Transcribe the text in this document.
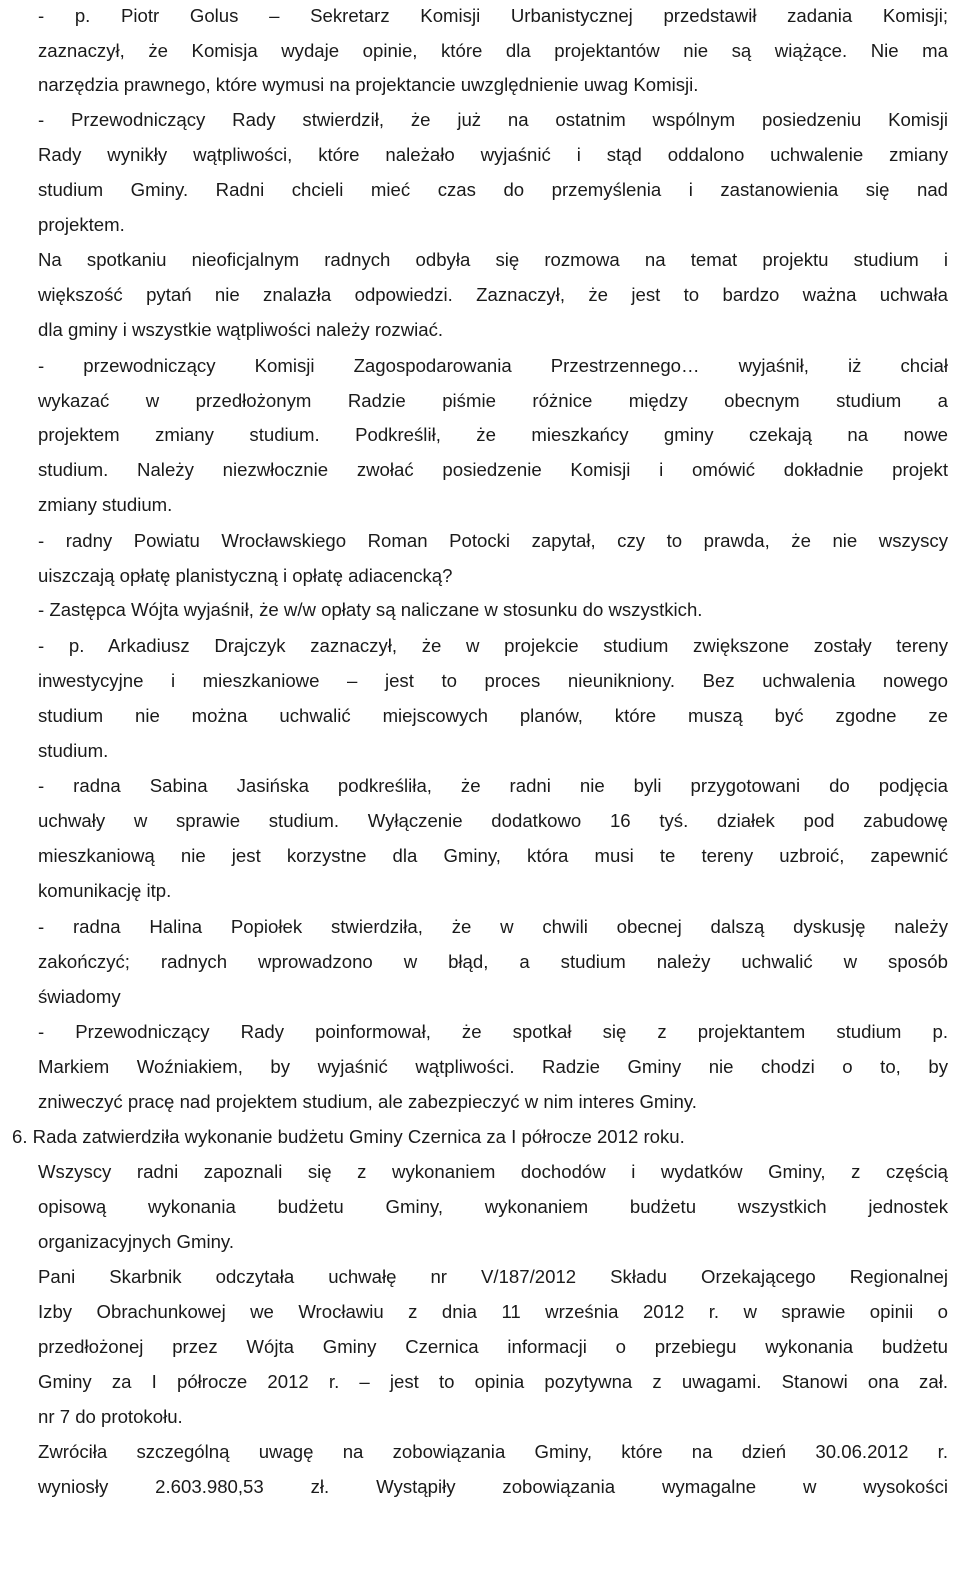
- p. Piotr Golus – Sekretarz Komisji Urbanistycznej przedstawił zadania Komisji;
zaznaczył, że Komisja wydaje opinie, które dla projektantów nie są wiążące. Nie ma
narzędzia prawnego, które wymusi na projektancie uwzględnienie uwag Komisji.
- Przewodniczący Rady stwierdził, że już na ostatnim wspólnym posiedzeniu Komisji
Rady wynikły wątpliwości, które należało wyjaśnić i stąd oddalono uchwalenie zmiany
studium Gminy. Radni chcieli mieć czas do przemyślenia i zastanowienia się nad
projektem.
Na spotkaniu nieoficjalnym radnych odbyła się rozmowa na temat projektu studium i
większość pytań nie znalazła odpowiedzi. Zaznaczył, że jest to bardzo ważna uchwała
dla gminy i wszystkie wątpliwości należy rozwiać.
- przewodniczący Komisji Zagospodarowania Przestrzennego… wyjaśnił, iż chciał
wykazać w przedłożonym Radzie piśmie różnice między obecnym studium a
projektem zmiany studium. Podkreślił, że mieszkańcy gminy czekają na nowe
studium. Należy niezwłocznie zwołać posiedzenie Komisji i omówić dokładnie projekt
zmiany studium.
- radny Powiatu Wrocławskiego Roman Potocki zapytał, czy to prawda, że nie wszyscy
uiszczają opłatę planistyczną i opłatę adiacencką?
- Zastępca Wójta wyjaśnił, że w/w opłaty są naliczane w stosunku do wszystkich.
- p. Arkadiusz Drajczyk zaznaczył, że w projekcie studium zwiększone zostały tereny
inwestycyjne i mieszkaniowe – jest to proces nieunikniony. Bez uchwalenia nowego
studium nie można uchwalić miejscowych planów, które muszą być zgodne ze
studium.
- radna Sabina Jasińska podkreśliła, że radni nie byli przygotowani do podjęcia
uchwały w sprawie studium. Wyłączenie dodatkowo 16 tyś. działek pod zabudowę
mieszkaniową nie jest korzystne dla Gminy, która musi te tereny uzbroić, zapewnić
komunikację itp.
- radna Halina Popiołek stwierdziła, że w chwili obecnej dalszą dyskusję należy
zakończyć; radnych wprowadzono w błąd, a studium należy uchwalić w sposób
świadomy
- Przewodniczący Rady poinformował, że spotkał się z projektantem studium p.
Markiem Woźniakiem, by wyjaśnić wątpliwości. Radzie Gminy nie chodzi o to, by
zniweczyć pracę nad projektem studium, ale zabezpieczyć w nim interes Gminy.
6. Rada zatwierdziła wykonanie budżetu Gminy Czernica za I półrocze 2012 roku.
Wszyscy radni zapoznali się z wykonaniem dochodów i wydatków Gminy, z częścią
opisową wykonania budżetu Gminy, wykonaniem budżetu wszystkich jednostek
organizacyjnych Gminy.
Pani Skarbnik odczytała uchwałę nr V/187/2012 Składu Orzekającego Regionalnej
Izby Obrachunkowej we Wrocławiu z dnia 11 września 2012 r. w sprawie opinii o
przedłożonej przez Wójta Gminy Czernica informacji o przebiegu wykonania budżetu
Gminy za I półrocze 2012 r. – jest to opinia pozytywna z uwagami. Stanowi ona zał.
nr 7 do protokołu.
Zwróciła szczególną uwagę na zobowiązania Gminy, które na dzień 30.06.2012 r.
wyniosły 2.603.980,53 zł. Wystąpiły zobowiązania wymagalne w wysokości
